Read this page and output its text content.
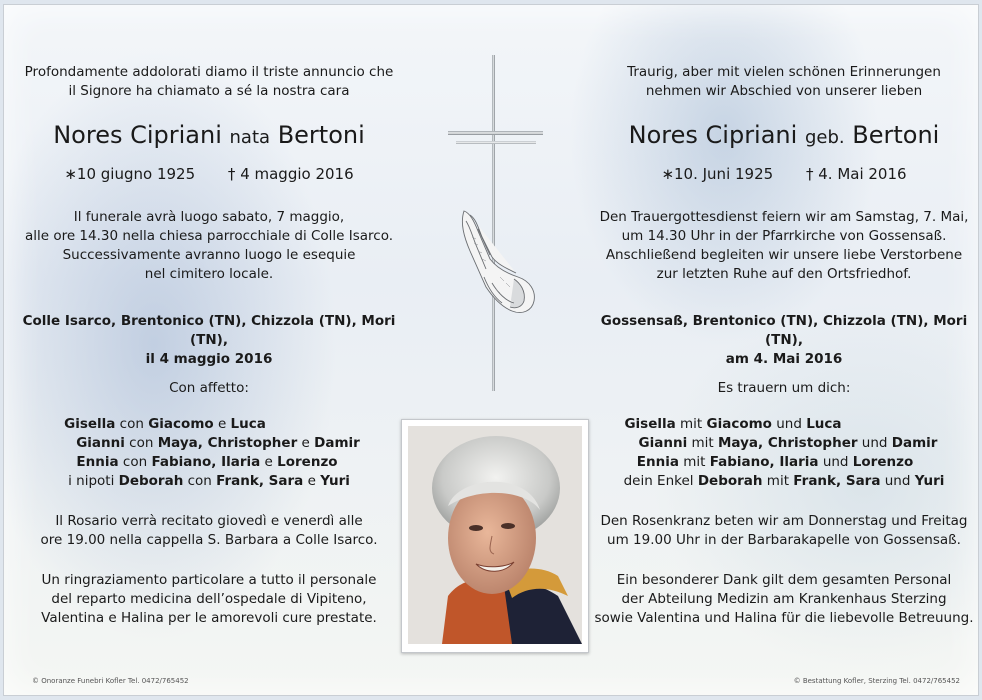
Profondamente addolorati diamo il triste annuncio che
il Signore ha chiamato a sé la nostra cara
Nores Cipriani nata Bertoni
∗10 giugno 1925 † 4 maggio 2016
Il funerale avrà luogo sabato, 7 maggio,
alle ore 14.30 nella chiesa parrocchiale di Colle Isarco.
Successivamente avranno luogo le esequie
nel cimitero locale.
Colle Isarco, Brentonico (TN), Chizzola (TN), Mori (TN),
il 4 maggio 2016
Con affetto:
Gisella con Giacomo e Luca
Gianni con Maya, Christopher e Damir
Ennia con Fabiano, Ilaria e Lorenzo
i nipoti Deborah con Frank, Sara e Yuri
Il Rosario verrà recitato giovedì e venerdì alle
ore 19.00 nella cappella S. Barbara a Colle Isarco.
Un ringraziamento particolare a tutto il personale
del reparto medicina dell’ospedale di Vipiteno,
Valentina e Halina per le amorevoli cure prestate.
Traurig, aber mit vielen schönen Erinnerungen
nehmen wir Abschied von unserer lieben
Nores Cipriani geb. Bertoni
∗10. Juni 1925 † 4. Mai 2016
Den Trauergottesdienst feiern wir am Samstag, 7. Mai,
um 14.30 Uhr in der Pfarrkirche von Gossensaß.
Anschließend begleiten wir unsere liebe Verstorbene
zur letzten Ruhe auf den Ortsfriedhof.
Gossensaß, Brentonico (TN), Chizzola (TN), Mori (TN),
am 4. Mai 2016
Es trauern um dich:
Gisella mit Giacomo und Luca
Gianni mit Maya, Christopher und Damir
Ennia mit Fabiano, Ilaria und Lorenzo
dein Enkel Deborah mit Frank, Sara und Yuri
Den Rosenkranz beten wir am Donnerstag und Freitag
um 19.00 Uhr in der Barbarakapelle von Gossensaß.
Ein besonderer Dank gilt dem gesamten Personal
der Abteilung Medizin am Krankenhaus Sterzing
sowie Valentina und Halina für die liebevolle Betreuung.
© Onoranze Funebri Kofler Tel. 0472/765452	© Bestattung Kofler, Sterzing Tel. 0472/765452
